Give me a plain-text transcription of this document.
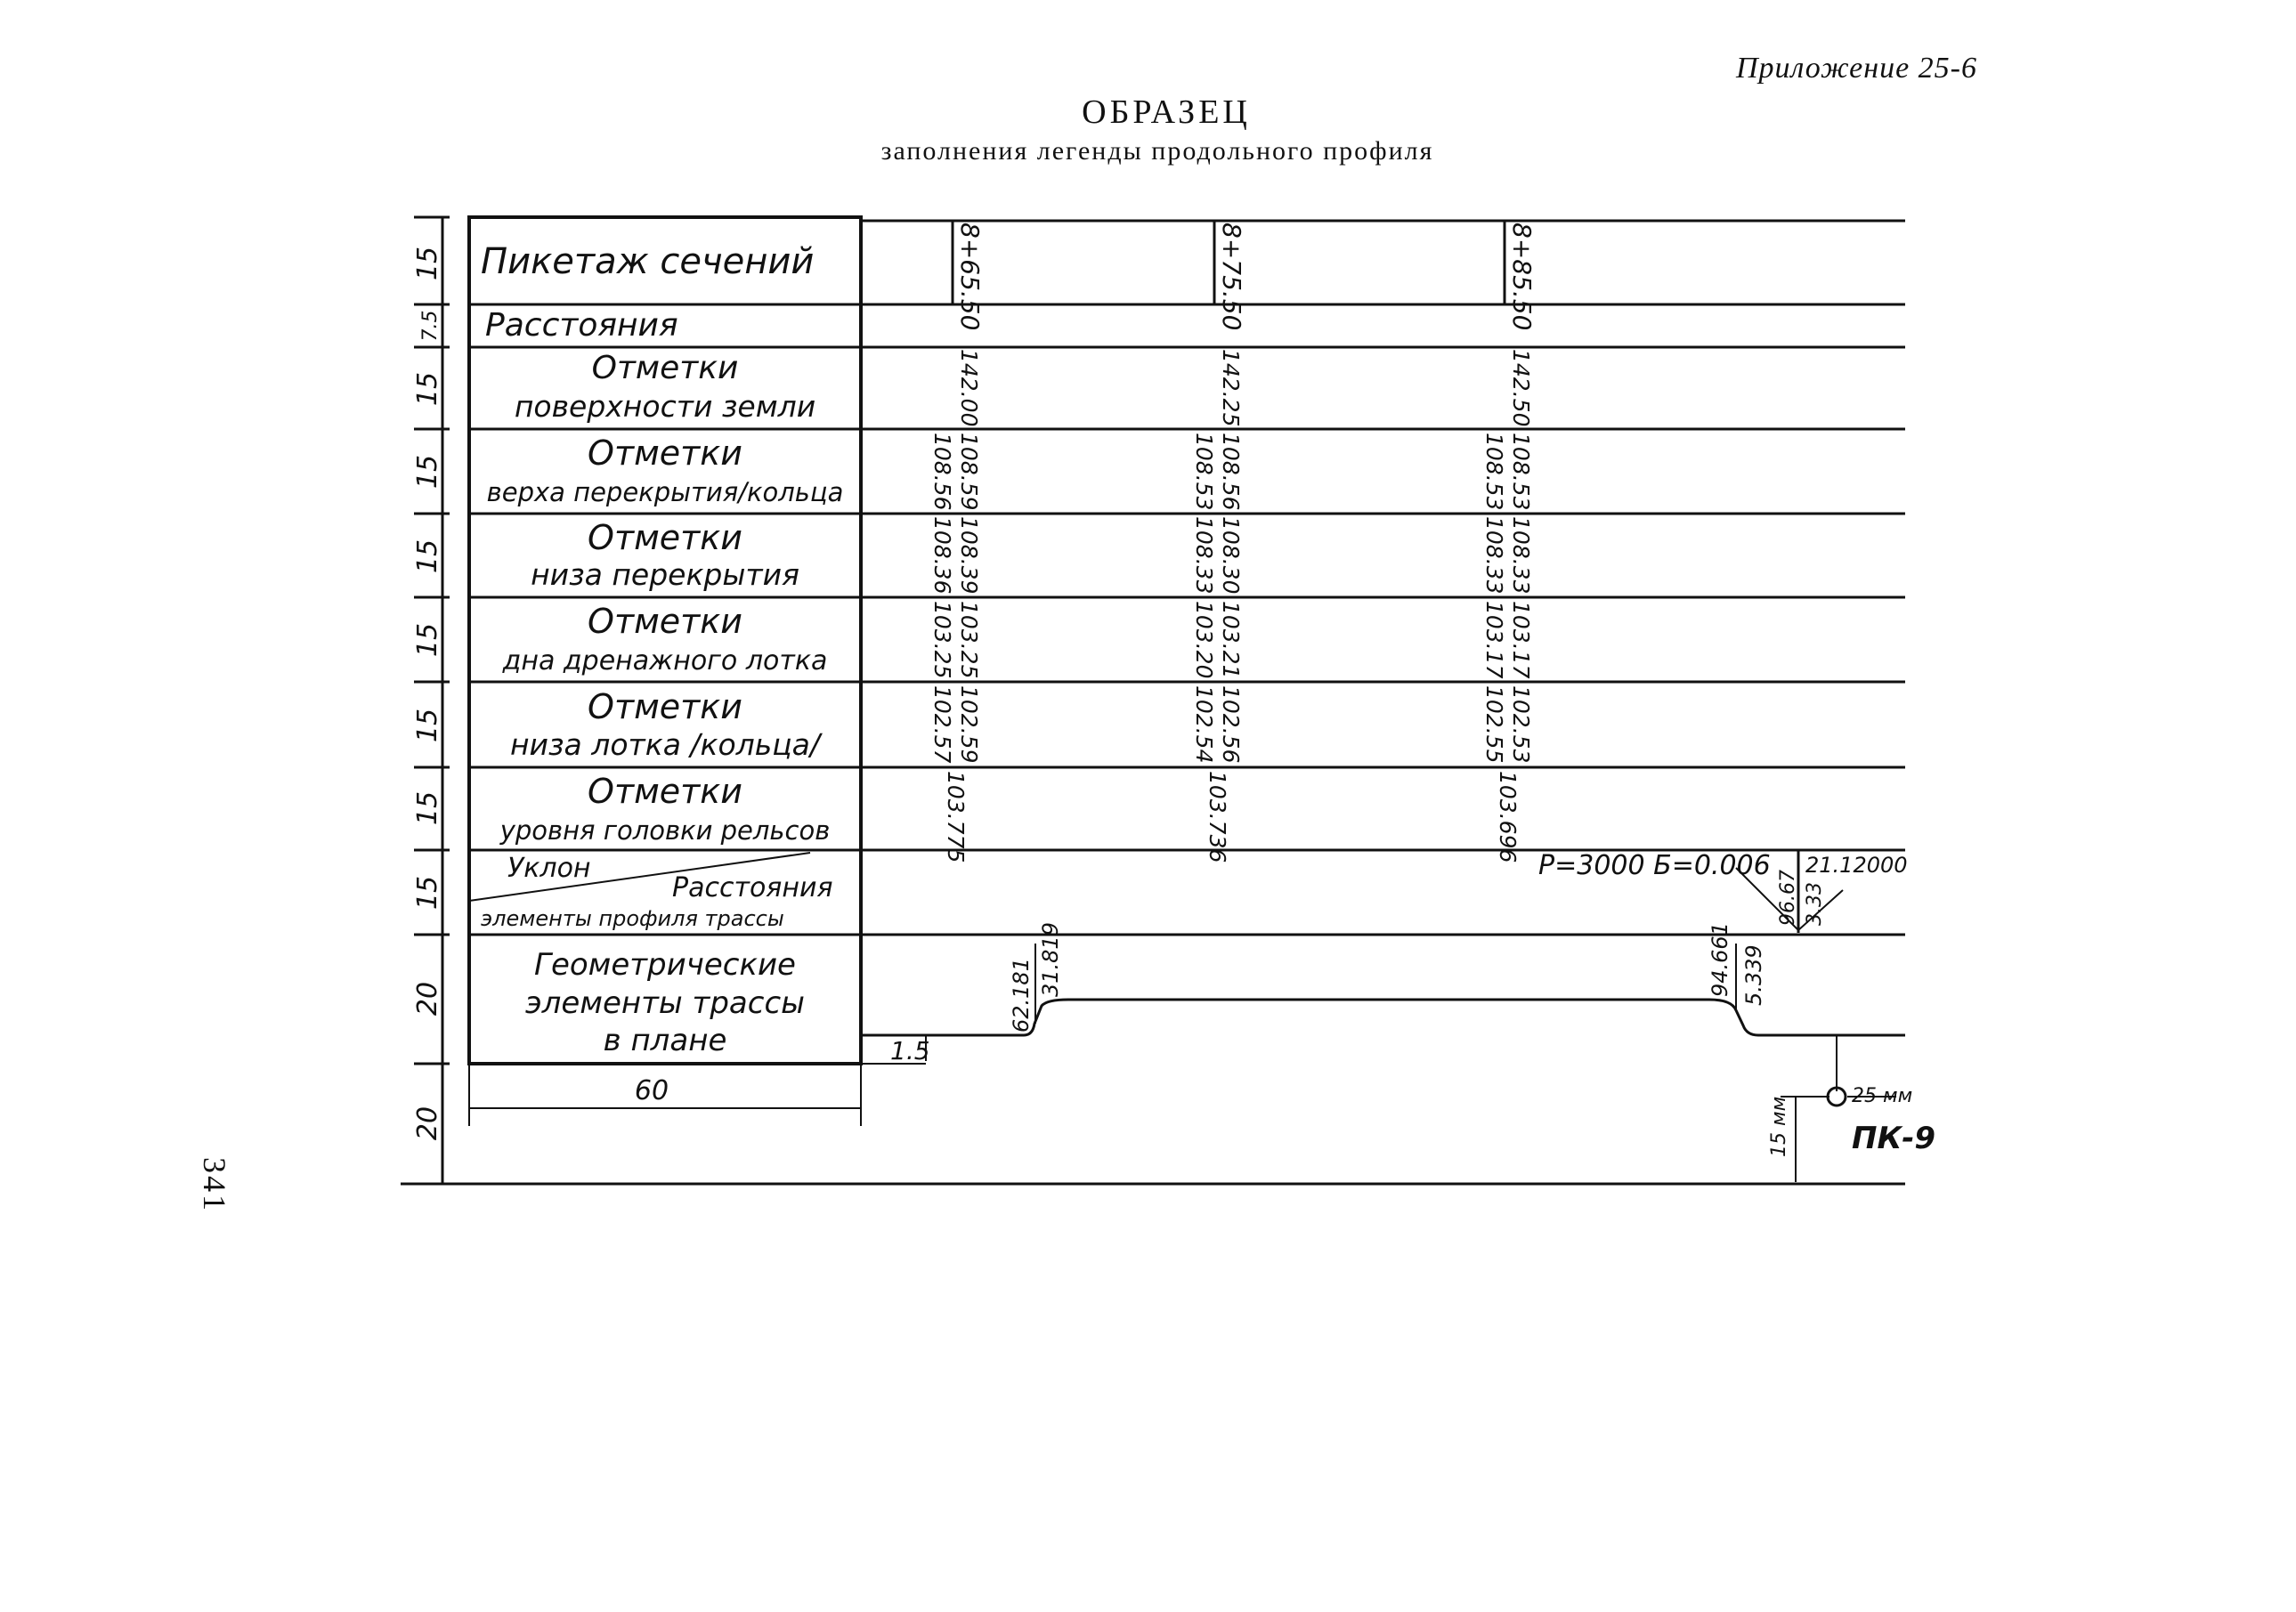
Приложение 25-6
ОБРАЗЕЦ
заполнения легенды продольного профиля
341
15
7.5
15
15
15
15
15
15
15
20
20
Пикетаж сечений
Расстояния
Отметки
поверхности земли
Отметки
верха перекрытия/кольца
Отметки
низа перекрытия
Отметки
дна дренажного лотка
Отметки
низа лотка /кольца/
Отметки
уровня головки рельсов
Уклон
Расстояния
элементы профиля трассы
Геометрические
элементы трассы
в плане
60
8+65.50
142.00
108.56 108.59
108.36 108.39
103.25 103.25
102.57 102.59
103.775
8+75.50
142.25
108.53 108.56
108.33 108.30
103.20 103.21
102.54 102.56
103.736
8+85.50
142.50
108.53 108.53
108.33 108.33
103.17 103.17
102.55 102.53
103.696
Р=3000 Б=0.006 21.12000
96.67 3.33
1.5
62.181 31.819	94.661 5.339
ПК-9
25 мм
15 мм
